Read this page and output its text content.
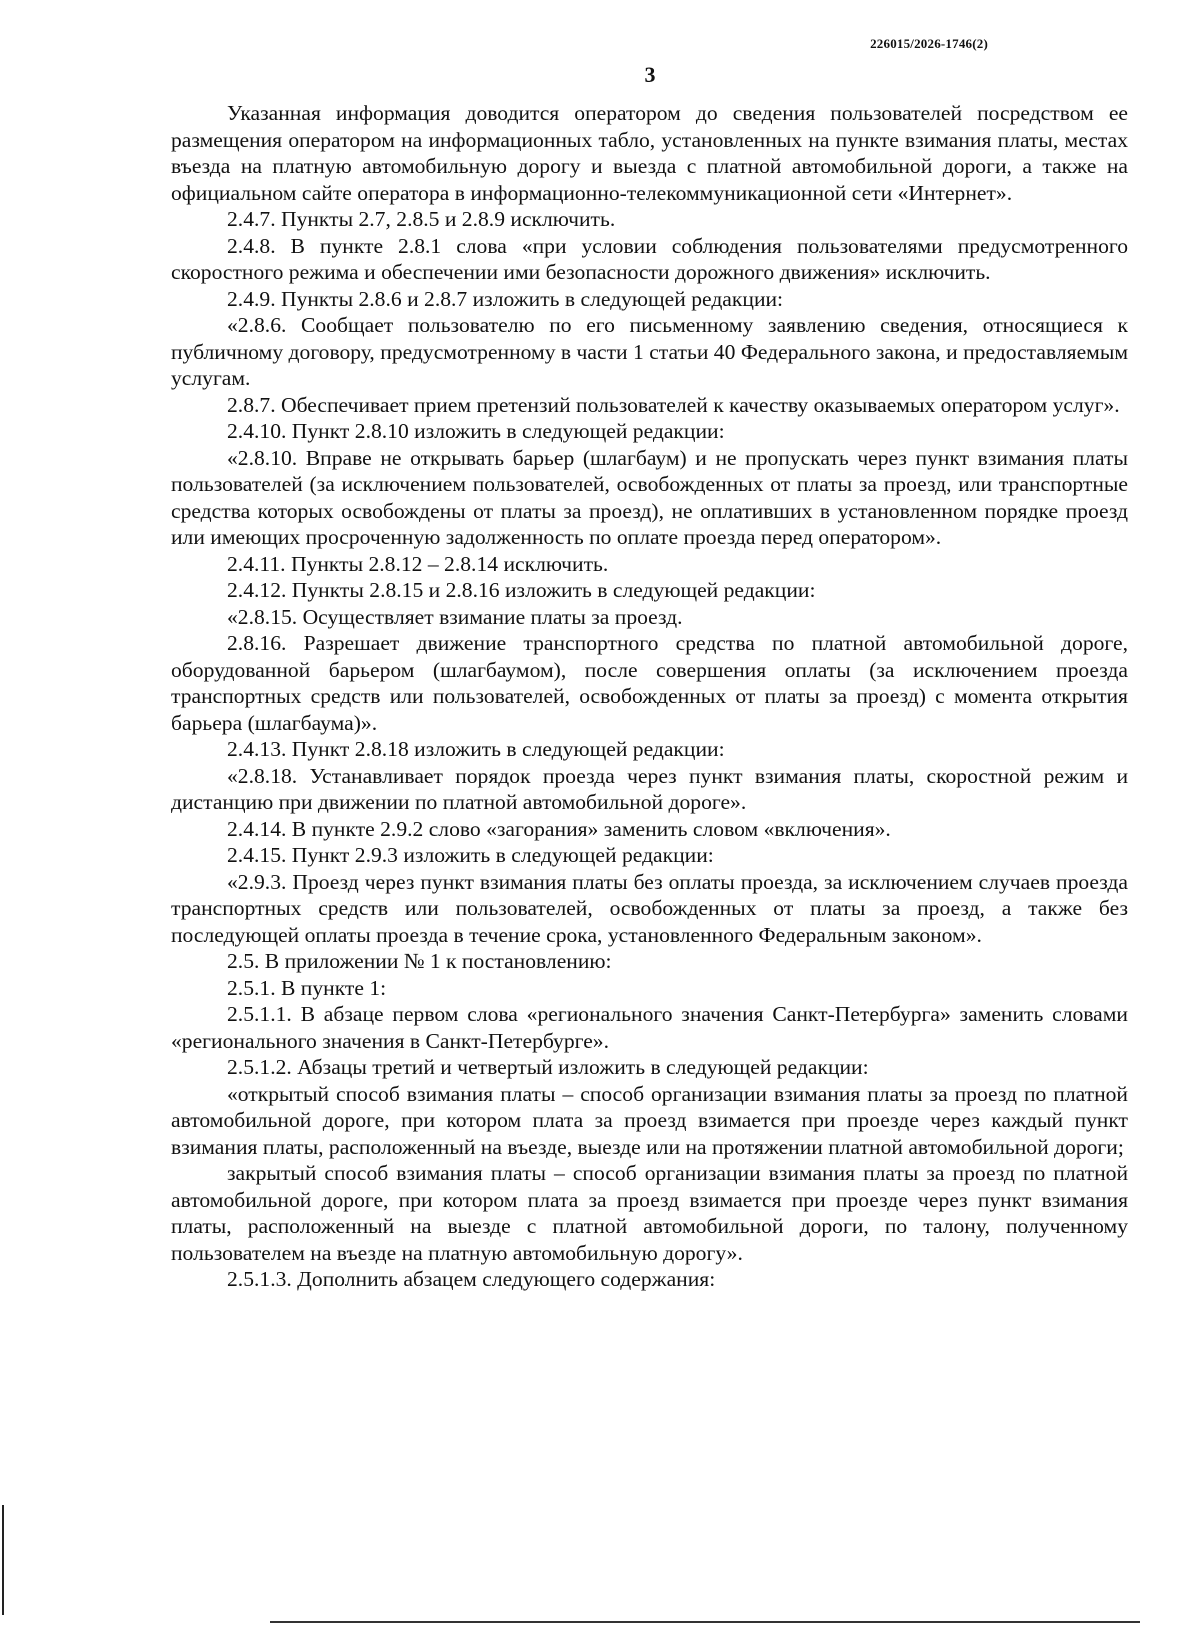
226015/2026-1746(2)
3

Указанная информация доводится оператором до сведения пользователей посредством ее размещения оператором на информационных табло, установленных на пункте взимания платы, местах въезда на платную автомобильную дорогу и выезда с платной автомобильной дороги, а также на официальном сайте оператора в информационно-телекоммуникационной сети «Интернет».

2.4.7. Пункты 2.7, 2.8.5 и 2.8.9 исключить.

2.4.8. В пункте 2.8.1 слова «при условии соблюдения пользователями предусмотренного скоростного режима и обеспечении ими безопасности дорожного движения» исключить.

2.4.9. Пункты 2.8.6 и 2.8.7 изложить в следующей редакции:

«2.8.6. Сообщает пользователю по его письменному заявлению сведения, относящиеся к публичному договору, предусмотренному в части 1 статьи 40 Федерального закона, и предоставляемым услугам.

2.8.7. Обеспечивает прием претензий пользователей к качеству оказываемых оператором услуг».

2.4.10. Пункт 2.8.10 изложить в следующей редакции:

«2.8.10. Вправе не открывать барьер (шлагбаум) и не пропускать через пункт взимания платы пользователей (за исключением пользователей, освобожденных от платы за проезд, или транспортные средства которых освобождены от платы за проезд), не оплативших в установленном порядке проезд или имеющих просроченную задолженность по оплате проезда перед оператором».

2.4.11. Пункты 2.8.12 – 2.8.14 исключить.

2.4.12. Пункты 2.8.15 и 2.8.16 изложить в следующей редакции:

«2.8.15. Осуществляет взимание платы за проезд.

2.8.16. Разрешает движение транспортного средства по платной автомобильной дороге, оборудованной барьером (шлагбаумом), после совершения оплаты (за исключением проезда транспортных средств или пользователей, освобожденных от платы за проезд) с момента открытия барьера (шлагбаума)».

2.4.13. Пункт 2.8.18 изложить в следующей редакции:

«2.8.18. Устанавливает порядок проезда через пункт взимания платы, скоростной режим и дистанцию при движении по платной автомобильной дороге».

2.4.14. В пункте 2.9.2 слово «загорания» заменить словом «включения».

2.4.15. Пункт 2.9.3 изложить в следующей редакции:

«2.9.3. Проезд через пункт взимания платы без оплаты проезда, за исключением случаев проезда транспортных средств или пользователей, освобожденных от платы за проезд, а также без последующей оплаты проезда в течение срока, установленного Федеральным законом».

2.5. В приложении № 1 к постановлению:

2.5.1. В пункте 1:

2.5.1.1. В абзаце первом слова «регионального значения Санкт-Петербурга» заменить словами «регионального значения в Санкт-Петербурге».

2.5.1.2. Абзацы третий и четвертый изложить в следующей редакции:

«открытый способ взимания платы – способ организации взимания платы за проезд по платной автомобильной дороге, при котором плата за проезд взимается при проезде через каждый пункт взимания платы, расположенный на въезде, выезде или на протяжении платной автомобильной дороги;

закрытый способ взимания платы – способ организации взимания платы за проезд по платной автомобильной дороге, при котором плата за проезд взимается при проезде через пункт взимания платы, расположенный на выезде с платной автомобильной дороги, по талону, полученному пользователем на въезде на платную автомобильную дорогу».

2.5.1.3. Дополнить абзацем следующего содержания:
